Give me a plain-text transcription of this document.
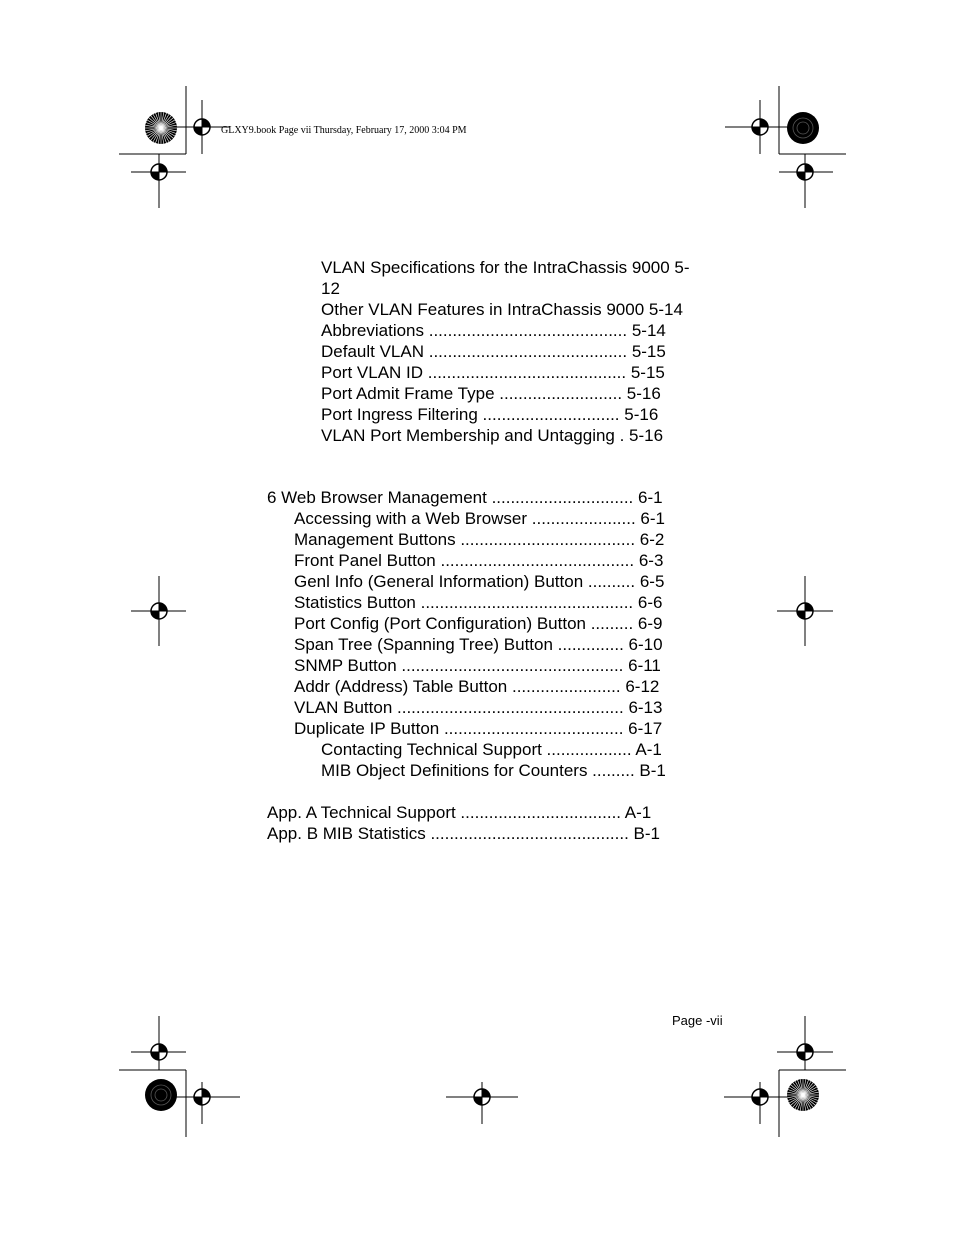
GLXY9.book Page vii Thursday, February 17, 2000 3:04 PM
VLAN Specifications for the IntraChassis 9000 5-
12
Other VLAN Features in IntraChassis 9000 5-14
Abbreviations .......................................... 5-14
Default VLAN .......................................... 5-15
Port VLAN ID .......................................... 5-15
Port Admit Frame Type .......................... 5-16
Port Ingress Filtering ............................. 5-16
VLAN Port Membership and Untagging . 5-16
6 Web Browser Management .............................. 6-1
Accessing with a Web Browser ...................... 6-1
Management Buttons ..................................... 6-2
Front Panel Button ......................................... 6-3
Genl Info (General Information) Button .......... 6-5
Statistics Button ............................................. 6-6
Port Config (Port Configuration) Button ......... 6-9
Span Tree (Spanning Tree) Button .............. 6-10
SNMP Button ............................................... 6-11
Addr (Address) Table Button ....................... 6-12
VLAN Button ................................................ 6-13
Duplicate IP Button ...................................... 6-17
Contacting Technical Support .................. A-1
MIB Object Definitions for Counters ......... B-1
App. A Technical Support .................................. A-1
App. B MIB Statistics .......................................... B-1
Page -vii
